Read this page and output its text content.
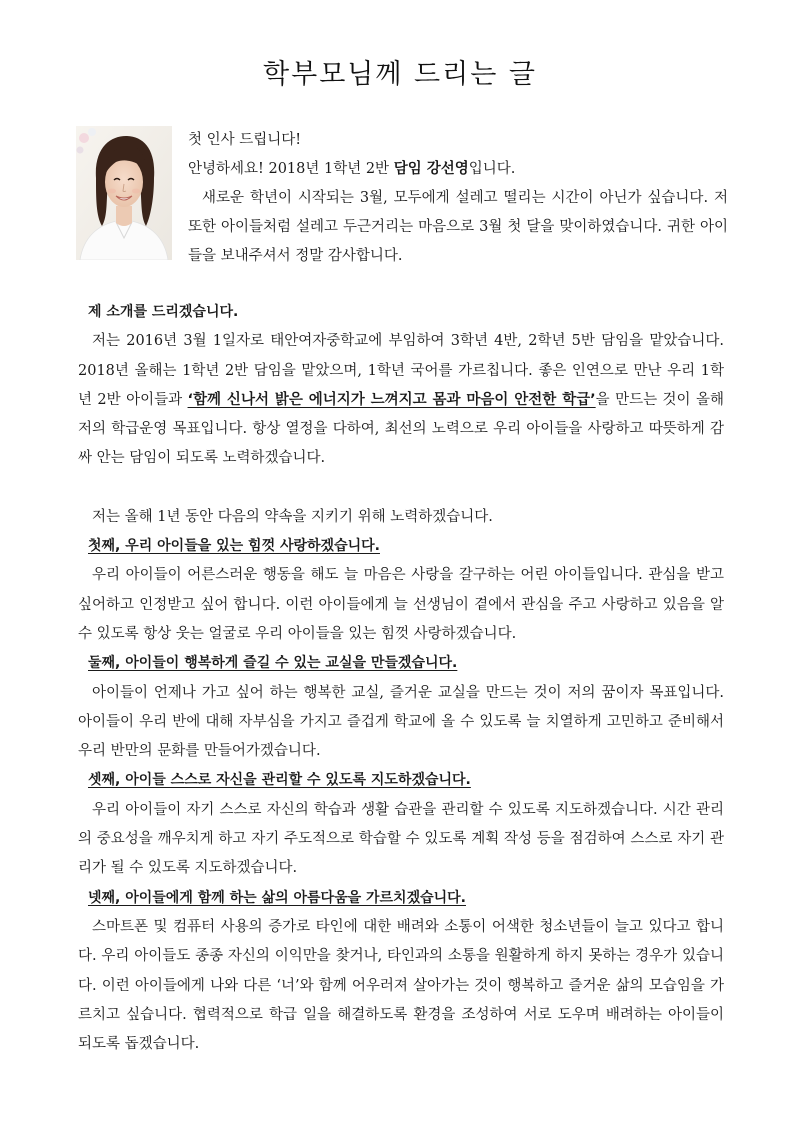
학부모님께 드리는 글

첫 인사 드립니다!

안녕하세요! 2018년 1학년 2반 담임 강선영입니다.

새로운 학년이 시작되는 3월, 모두에게 설레고 떨리는 시간이 아닌가 싶습니다. 저 또한 아이들처럼 설레고 두근거리는 마음으로 3월 첫 달을 맞이하였습니다. 귀한 아이들을 보내주셔서 정말 감사합니다.

제 소개를 드리겠습니다.

저는 2016년 3월 1일자로 태안여자중학교에 부임하여 3학년 4반, 2학년 5반 담임을 맡았습니다. 2018년 올해는 1학년 2반 담임을 맡았으며, 1학년 국어를 가르칩니다. 좋은 인연으로 만난 우리 1학년 2반 아이들과 ‘함께 신나서 밝은 에너지가 느껴지고 몸과 마음이 안전한 학급’을 만드는 것이 올해 저의 학급운영 목표입니다. 항상 열정을 다하여, 최선의 노력으로 우리 아이들을 사랑하고 따뜻하게 감싸 안는 담임이 되도록 노력하겠습니다.

저는 올해 1년 동안 다음의 약속을 지키기 위해 노력하겠습니다.

첫째, 우리 아이들을 있는 힘껏 사랑하겠습니다.

우리 아이들이 어른스러운 행동을 해도 늘 마음은 사랑을 갈구하는 어린 아이들입니다. 관심을 받고 싶어하고 인정받고 싶어 합니다. 이런 아이들에게 늘 선생님이 곁에서 관심을 주고 사랑하고 있음을 알 수 있도록 항상 웃는 얼굴로 우리 아이들을 있는 힘껏 사랑하겠습니다.

둘째, 아이들이 행복하게 즐길 수 있는 교실을 만들겠습니다.

아이들이 언제나 가고 싶어 하는 행복한 교실, 즐거운 교실을 만드는 것이 저의 꿈이자 목표입니다. 아이들이 우리 반에 대해 자부심을 가지고 즐겁게 학교에 올 수 있도록 늘 치열하게 고민하고 준비해서 우리 반만의 문화를 만들어가겠습니다.

셋째, 아이들 스스로 자신을 관리할 수 있도록 지도하겠습니다.

우리 아이들이 자기 스스로 자신의 학습과 생활 습관을 관리할 수 있도록 지도하겠습니다. 시간 관리의 중요성을 깨우치게 하고 자기 주도적으로 학습할 수 있도록 계획 작성 등을 점검하여 스스로 자기 관리가 될 수 있도록 지도하겠습니다.

넷째, 아이들에게 함께 하는 삶의 아름다움을 가르치겠습니다.

스마트폰 및 컴퓨터 사용의 증가로 타인에 대한 배려와 소통이 어색한 청소년들이 늘고 있다고 합니다. 우리 아이들도 종종 자신의 이익만을 찾거나, 타인과의 소통을 원활하게 하지 못하는 경우가 있습니다. 이런 아이들에게 나와 다른 ‘너’와 함께 어우러져 살아가는 것이 행복하고 즐거운 삶의 모습임을 가르치고 싶습니다. 협력적으로 학급 일을 해결하도록 환경을 조성하여 서로 도우며 배려하는 아이들이 되도록 돕겠습니다.
